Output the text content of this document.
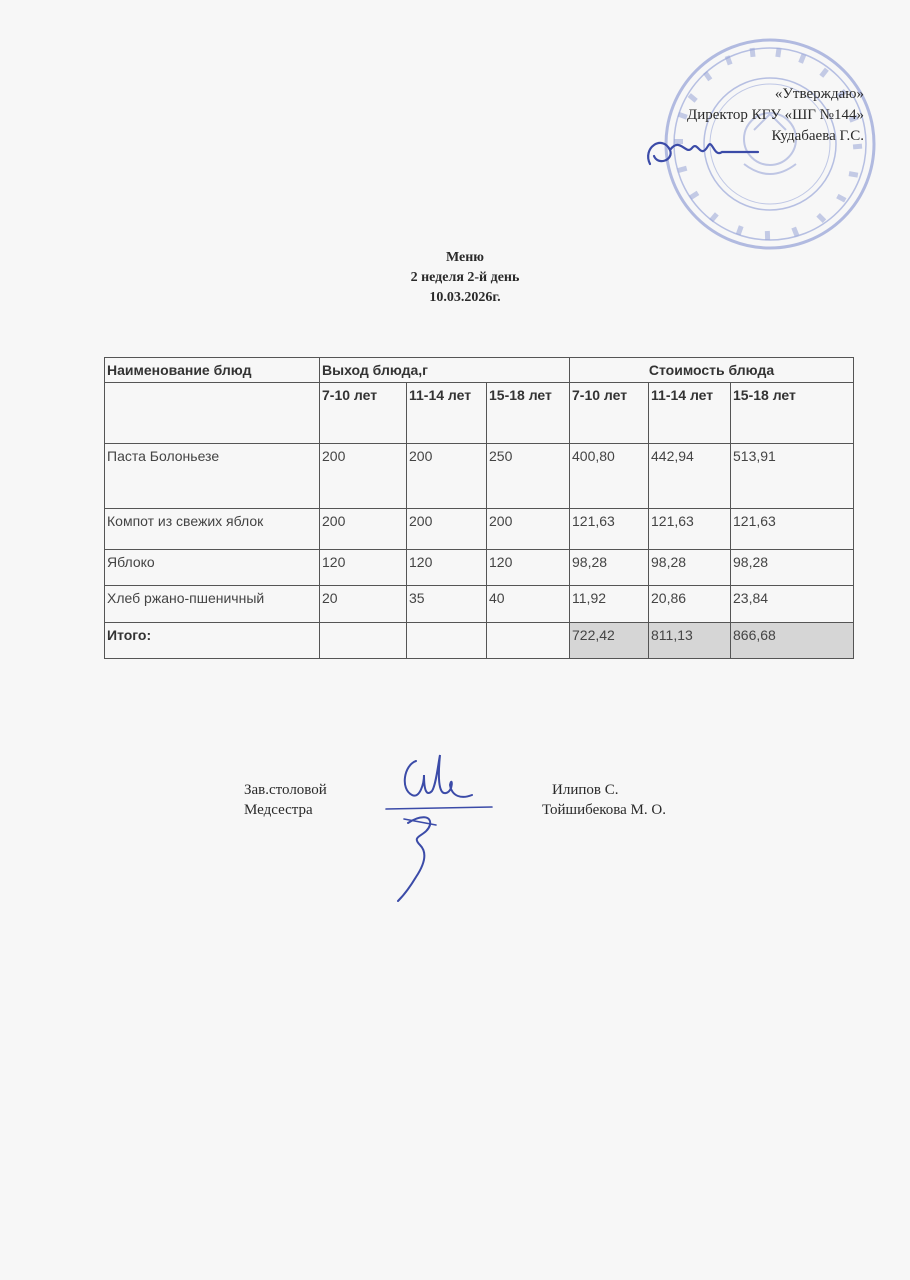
«Утверждаю»
Директор КГУ «ШГ №144»
Кудабаева Г.С.
Меню
2 неделя 2-й день
10.03.2026г.
Наименование блюд	Выход блюда,г			Стоимость блюда		
	7-10 лет	11-14 лет	15-18 лет	7-10 лет	11-14 лет	15-18 лет
Паста Болоньезе	200	200	250	400,80	442,94	513,91
Компот из свежих яблок	200	200	200	121,63	121,63	121,63
Яблоко	120	120	120	98,28	98,28	98,28
Хлеб ржано-пшеничный	20	35	40	11,92	20,86	23,84
Итого:				722,42	811,13	866,68
Зав.столовой
Медсестра
Илипов С.
Тойшибекова М. О.
